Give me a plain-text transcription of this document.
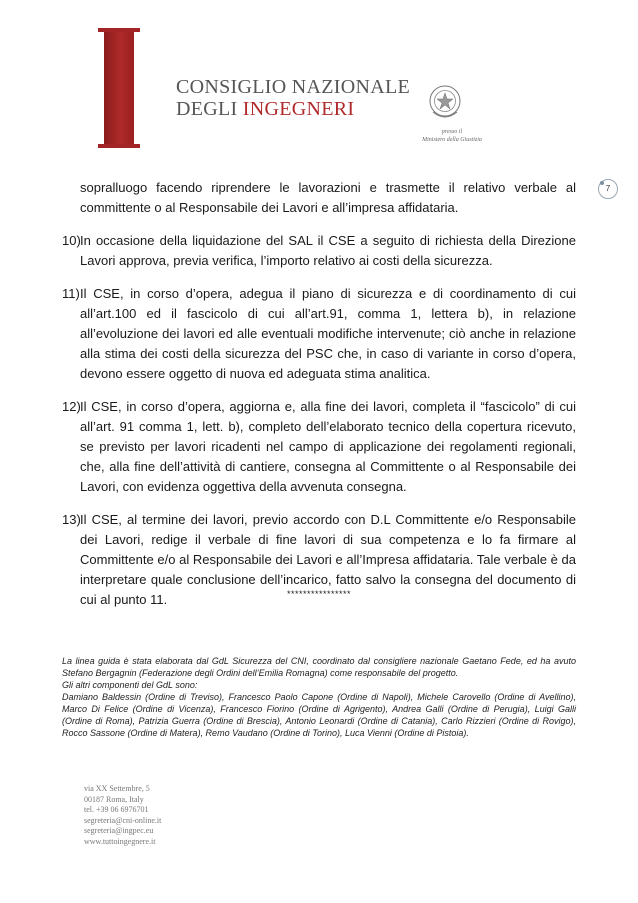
CONSIGLIO NAZIONALE
DEGLI INGEGNERI
presso il
Ministero della Giustizia
7

sopralluogo facendo riprendere le lavorazioni e trasmette il relativo verbale al committente o al Responsabile dei Lavori e all’impresa affidataria.

10) In occasione della liquidazione del SAL il CSE a seguito di richiesta della Direzione Lavori approva, previa verifica, l’importo relativo ai costi della sicurezza.
11) Il CSE, in corso d’opera, adegua il piano di sicurezza e di coordinamento di cui all’art.100 ed il fascicolo di cui all’art.91, comma 1, lettera b), in relazione all’evoluzione dei lavori ed alle eventuali modifiche intervenute; ciò anche in relazione alla stima dei costi della sicurezza del PSC che, in caso di variante in corso d’opera, devono essere oggetto di nuova ed adeguata stima analitica.
12) Il CSE, in corso d’opera, aggiorna e, alla fine dei lavori, completa il “fascicolo” di cui all’art. 91 comma 1, lett. b), completo dell’elaborato tecnico della copertura ricevuto, se previsto per lavori ricadenti nel campo di applicazione dei regolamenti regionali, che, alla fine dell’attività di cantiere, consegna al Committente o al Responsabile dei Lavori, con evidenza oggettiva della avvenuta consegna.
13) Il CSE, al termine dei lavori, previo accordo con D.L Committente e/o Responsabile dei Lavori, redige il verbale di fine lavori di sua competenza e lo fa firmare al Committente e/o al Responsabile dei Lavori e all’Impresa affidataria. Tale verbale è da interpretare quale conclusione dell’incarico, fatto salvo la consegna del documento di cui al punto 11.	****************

La linea guida è stata elaborata dal GdL Sicurezza del CNI, coordinato dal consigliere nazionale Gaetano Fede, ed ha avuto Stefano Bergagnin (Federazione degli Ordini dell’Emilia Romagna) come responsabile del progetto.

Gli altri componenti del GdL sono:

Damiano Baldessin (Ordine di Treviso), Francesco Paolo Capone (Ordine di Napoli), Michele Carovello (Ordine di Avellino), Marco Di Felice (Ordine di Vicenza), Francesco Fiorino (Ordine di Agrigento), Andrea Galli (Ordine di Perugia), Luigi Galli (Ordine di Roma), Patrizia Guerra (Ordine di Brescia), Antonio Leonardi (Ordine di Catania), Carlo Rizzieri (Ordine di Rovigo), Rocco Sassone (Ordine di Matera), Remo Vaudano (Ordine di Torino), Luca Vienni (Ordine di Pistoia).

via XX Settembre, 5
00187 Roma, Italy
tel. +39 06 6976701
segreteria@cni-online.it
segreteria@ingpec.eu
www.tuttoingegnere.it
